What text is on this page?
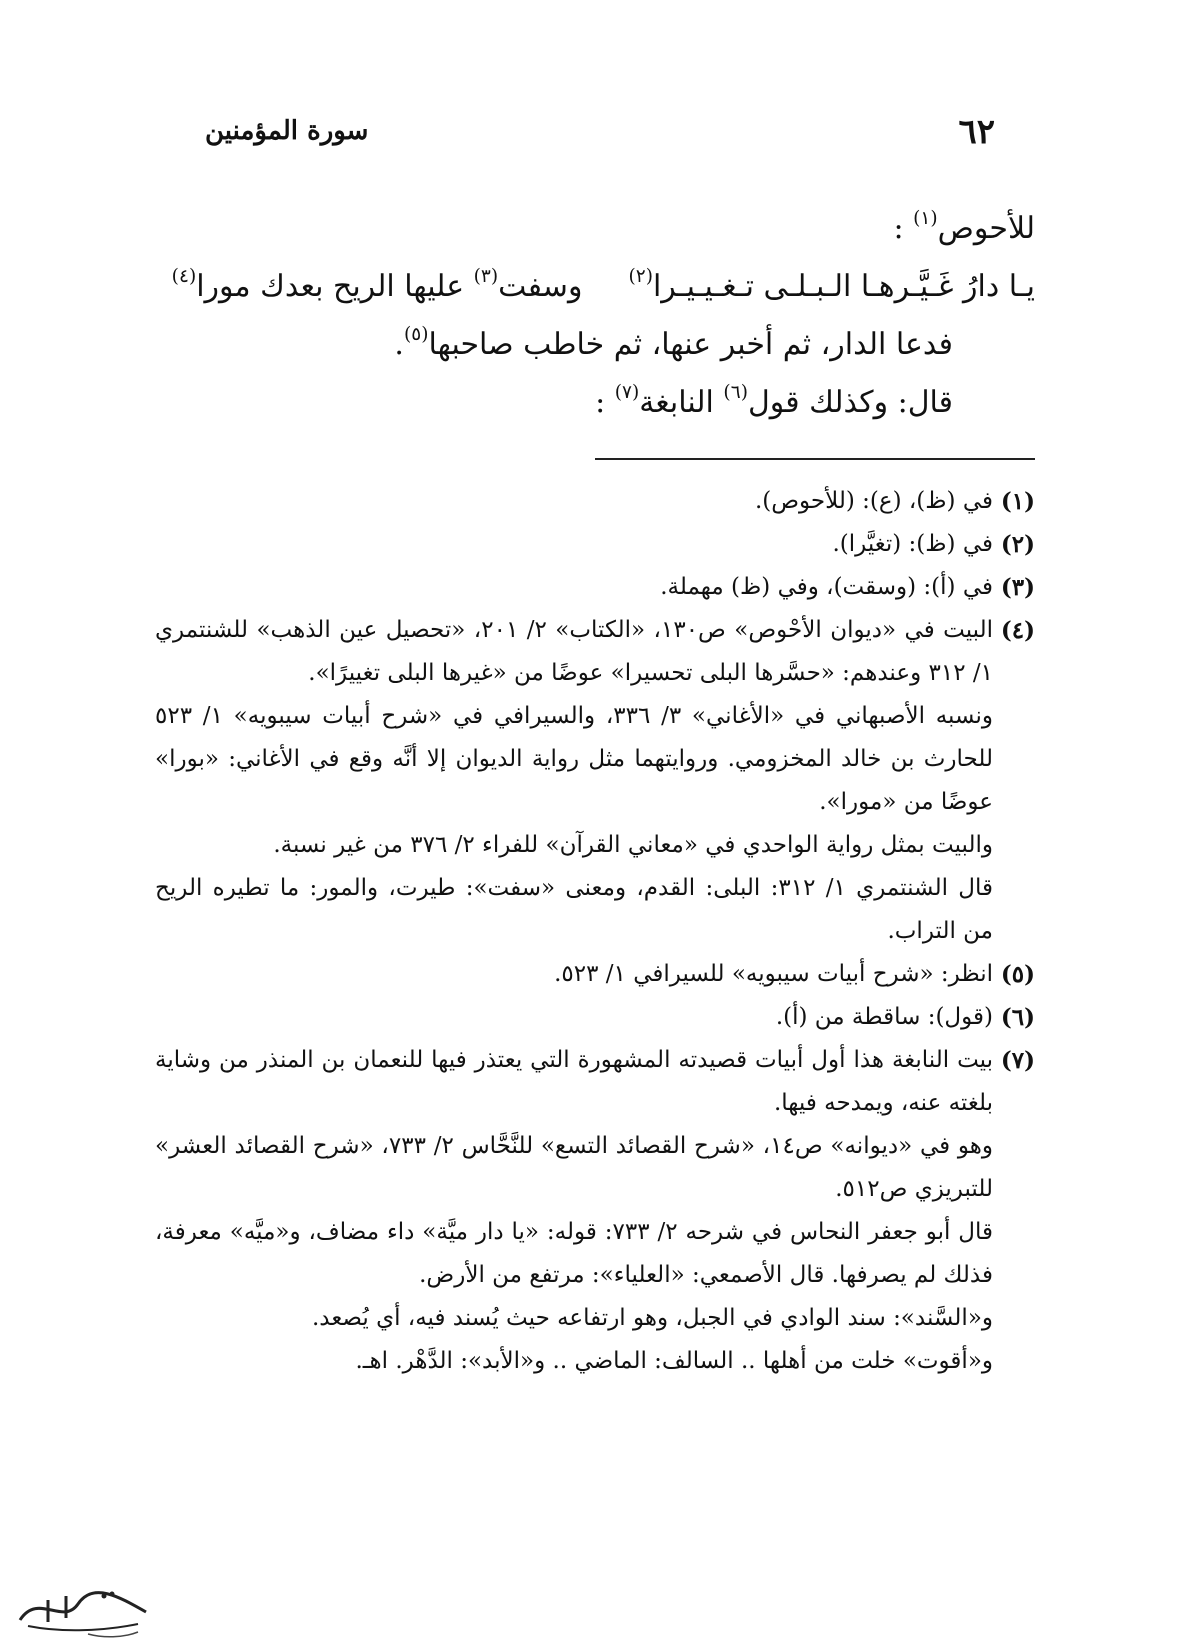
٦٢
سورة المؤمنين
للأحوص$^{(١)}$ :
يـا دارُ غَـيَّـرهـا الـبـلـى تـغـيـيـرا$^{(٢)}$
وسفت$^{(٣)}$ عليها الريح بعدك مورا$^{(٤)}$
فدعا الدار، ثم أخبر عنها، ثم خاطب صاحبها$^{(٥)}$.
قال: وكذلك قول$^{(٦)}$ النابغة$^{(٧)}$ :
(١)
في (ظ)، (ع): (للأحوص).
(٢)
في (ظ): (تغيَّرا).
(٣)
في (أ): (وسقت)، وفي (ظ) مهملة.
(٤)
البيت في «ديوان الأحْوص» ص١٣٠، «الكتاب» ٢/ ٢٠١، «تحصيل عين الذهب» للشنتمري ١/ ٣١٢ وعندهم: «حسَّرها البلى تحسيرا» عوضًا من «غيرها البلى تغييرًا».
ونسبه الأصبهاني في «الأغاني» ٣/ ٣٣٦، والسيرافي في «شرح أبيات سيبويه» ١/ ٥٢٣ للحارث بن خالد المخزومي. وروايتهما مثل رواية الديوان إلا أنَّه وقع في الأغاني: «بورا» عوضًا من «مورا».
والبيت بمثل رواية الواحدي في «معاني القرآن» للفراء ٢/ ٣٧٦ من غير نسبة.
قال الشنتمري ١/ ٣١٢: البلى: القدم، ومعنى «سفت»: طيرت، والمور: ما تطيره الريح من التراب.
(٥)
انظر: «شرح أبيات سيبويه» للسيرافي ١/ ٥٢٣.
(٦)
(قول): ساقطة من (أ).
(٧)
بيت النابغة هذا أول أبيات قصيدته المشهورة التي يعتذر فيها للنعمان بن المنذر من وشاية بلغته عنه، ويمدحه فيها.
وهو في «ديوانه» ص١٤، «شرح القصائد التسع» للنَّحَّاس ٢/ ٧٣٣، «شرح القصائد العشر» للتبريزي ص٥١٢.
قال أبو جعفر النحاس في شرحه ٢/ ٧٣٣: قوله: «يا دار ميَّة» داء مضاف، و«ميَّه» معرفة، فذلك لم يصرفها. قال الأصمعي: «العلياء»: مرتفع من الأرض.
و«السَّند»: سند الوادي في الجبل، وهو ارتفاعه حيث يُسند فيه، أي يُصعد.
و«أقوت» خلت من أهلها .. السالف: الماضي .. و«الأبد»: الدَّهْر. اهـ.
